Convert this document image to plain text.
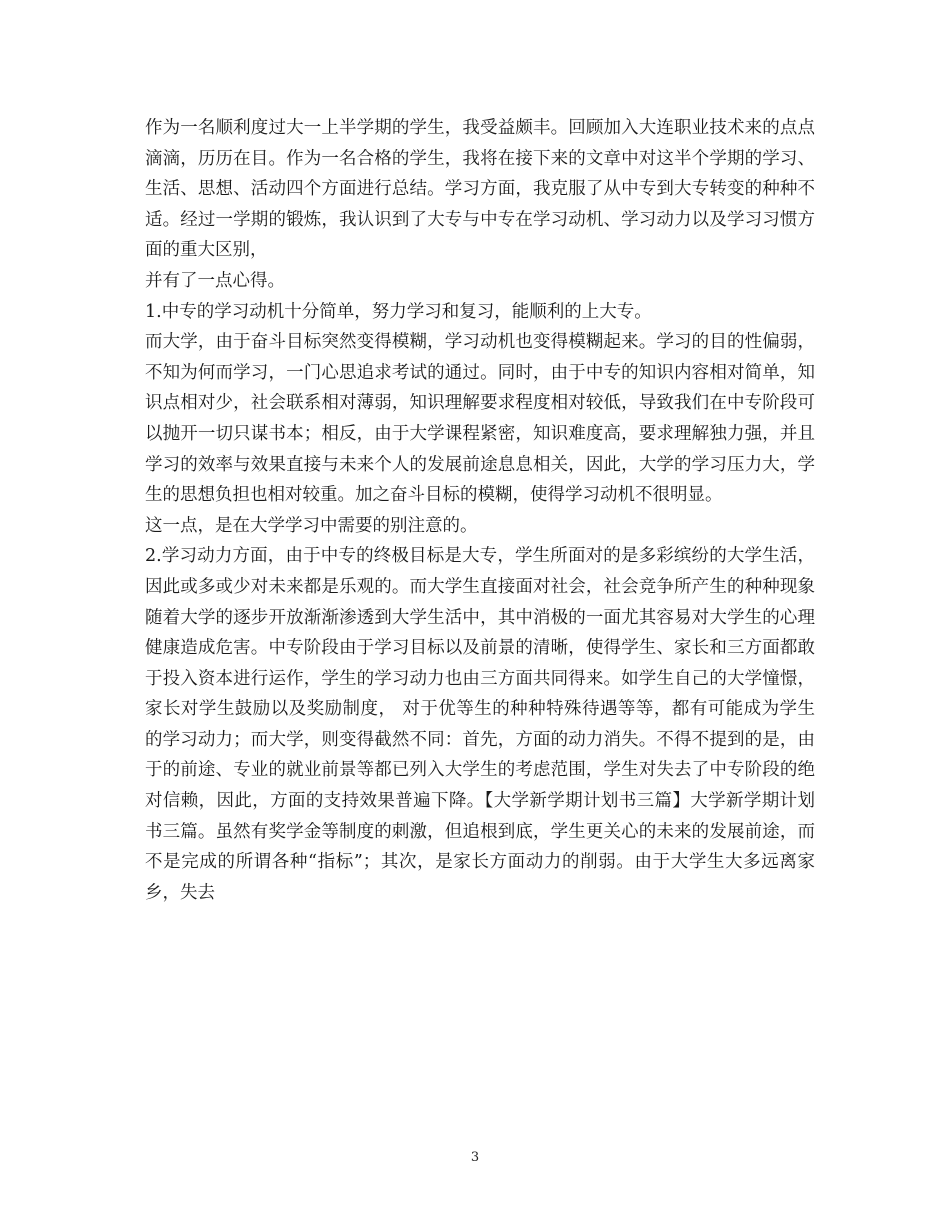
作为一名顺利度过大一上半学期的学生，我受益颇丰。回顾加入大连职业技术来的点点滴滴，历历在目。作为一名合格的学生，我将在接下来的文章中对这半个学期的学习、生活、思想、活动四个方面进行总结。学习方面，我克服了从中专到大专转变的种种不适。经过一学期的锻炼，我认识到了大专与中专在学习动机、学习动力以及学习习惯方面的重大区别，

并有了一点心得。

1.中专的学习动机十分简单，努力学习和复习，能顺利的上大专。

而大学，由于奋斗目标突然变得模糊，学习动机也变得模糊起来。学习的目的性偏弱，不知为何而学习，一门心思追求考试的通过。同时，由于中专的知识内容相对简单，知识点相对少，社会联系相对薄弱，知识理解要求程度相对较低，导致我们在中专阶段可以抛开一切只谋书本；相反，由于大学课程紧密，知识难度高，要求理解独力强，并且学习的效率与效果直接与未来个人的发展前途息息相关，因此，大学的学习压力大，学生的思想负担也相对较重。加之奋斗目标的模糊，使得学习动机不很明显。

这一点，是在大学学习中需要的别注意的。

2.学习动力方面，由于中专的终极目标是大专，学生所面对的是多彩缤纷的大学生活，因此或多或少对未来都是乐观的。而大学生直接面对社会，社会竞争所产生的种种现象随着大学的逐步开放渐渐渗透到大学生活中，其中消极的一面尤其容易对大学生的心理健康造成危害。中专阶段由于学习目标以及前景的清晰，使得学生、家长和三方面都敢于投入资本进行运作，学生的学习动力也由三方面共同得来。如学生自己的大学憧憬，家长对学生鼓励以及奖励制度， 对于优等生的种种特殊待遇等等，都有可能成为学生的学习动力；而大学，则变得截然不同：首先，方面的动力消失。不得不提到的是，由于的前途、专业的就业前景等都已列入大学生的考虑范围，学生对失去了中专阶段的绝对信赖，因此，方面的支持效果普遍下降。【大学新学期计划书三篇】大学新学期计划书三篇。虽然有奖学金等制度的刺激，但追根到底，学生更关心的未来的发展前途，而不是完成的所谓各种“指标”；其次，是家长方面动力的削弱。由于大学生大多远离家乡，失去

3
